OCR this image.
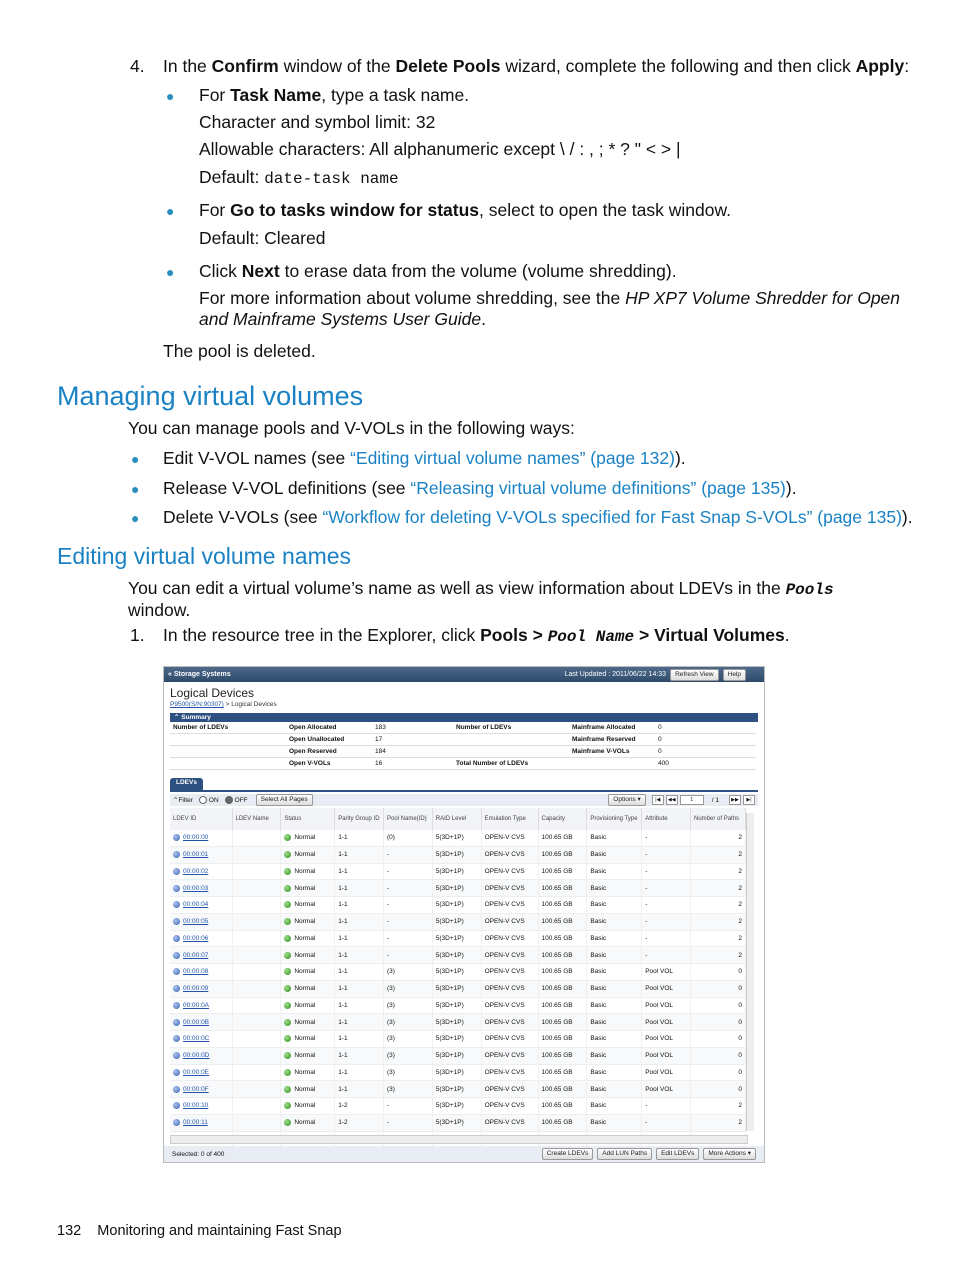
4. In the Confirm window of the Delete Pools wizard, complete the following and then click Apply:
● For Task Name, type a task name.
Character and symbol limit: 32
Allowable characters: All alphanumeric except \ / : , ; * ? " < > |
Default: date-task name
● For Go to tasks window for status, select to open the task window.
Default: Cleared
● Click Next to erase data from the volume (volume shredding).
For more information about volume shredding, see the HP XP7 Volume Shredder for Open
and Mainframe Systems User Guide.
The pool is deleted.
Managing virtual volumes
You can manage pools and V-VOLs in the following ways:
● Edit V-VOL names (see “Editing virtual volume names” (page 132)).
● Release V-VOL definitions (see “Releasing virtual volume definitions” (page 135)).
● Delete V-VOLs (see “Workflow for deleting V-VOLs specified for Fast Snap S-VOLs” (page 135)).
Editing virtual volume names
You can edit a virtual volume’s name as well as view information about LDEVs in the Pools
window.
1. In the resource tree in the Explorer, click Pools > Pool Name > Virtual Volumes.
« Storage Systems	Last Updated : 2011/06/22 14:33	Refresh View	Help
Logical Devices
P9500(S/N:90307) > Logical Devices
⌃ Summary
Number of LDEVs	Open Allocated	183	Number of LDEVs	Mainframe Allocated	0
	Open Unallocated	17		Mainframe Reserved	0
	Open Reserved	184		Mainframe V-VOLs	0
	Open V-VOLs	16	Total Number of LDEVs		400
LDEVs
⌃ Filter ON OFF	Select All Pages	Options ▾	|◀	◀◀	1	/ 1	▶▶	▶|
LDEV ID	LDEV Name	Status	Parity Group ID	Pool Name(ID)	RAID Level	Emulation Type	Capacity	Provisioning Type	Attribute	Number of Paths
00:00:00		Normal	1-1	(0)	5(3D+1P)	OPEN-V CVS	100.65 GB	Basic	-	2
00:00:01		Normal	1-1	-	5(3D+1P)	OPEN-V CVS	100.65 GB	Basic	-	2
00:00:02		Normal	1-1	-	5(3D+1P)	OPEN-V CVS	100.65 GB	Basic	-	2
00:00:03		Normal	1-1	-	5(3D+1P)	OPEN-V CVS	100.65 GB	Basic	-	2
00:00:04		Normal	1-1	-	5(3D+1P)	OPEN-V CVS	100.65 GB	Basic	-	2
00:00:05		Normal	1-1	-	5(3D+1P)	OPEN-V CVS	100.65 GB	Basic	-	2
00:00:06		Normal	1-1	-	5(3D+1P)	OPEN-V CVS	100.65 GB	Basic	-	2
00:00:07		Normal	1-1	-	5(3D+1P)	OPEN-V CVS	100.65 GB	Basic	-	2
00:00:08		Normal	1-1	(3)	5(3D+1P)	OPEN-V CVS	100.65 GB	Basic	Pool VOL	0
00:00:09		Normal	1-1	(3)	5(3D+1P)	OPEN-V CVS	100.65 GB	Basic	Pool VOL	0
00:00:0A		Normal	1-1	(3)	5(3D+1P)	OPEN-V CVS	100.65 GB	Basic	Pool VOL	0
00:00:0B		Normal	1-1	(3)	5(3D+1P)	OPEN-V CVS	100.65 GB	Basic	Pool VOL	0
00:00:0C		Normal	1-1	(3)	5(3D+1P)	OPEN-V CVS	100.65 GB	Basic	Pool VOL	0
00:00:0D		Normal	1-1	(3)	5(3D+1P)	OPEN-V CVS	100.65 GB	Basic	Pool VOL	0
00:00:0E		Normal	1-1	(3)	5(3D+1P)	OPEN-V CVS	100.65 GB	Basic	Pool VOL	0
00:00:0F		Normal	1-1	(3)	5(3D+1P)	OPEN-V CVS	100.65 GB	Basic	Pool VOL	0
00:00:10		Normal	1-2	-	5(3D+1P)	OPEN-V CVS	100.65 GB	Basic	-	2
00:00:11		Normal	1-2	-	5(3D+1P)	OPEN-V CVS	100.65 GB	Basic	-	2

Selected: 0 of 400	Create LDEVs	Add LUN Paths	Edit LDEVs	More Actions ▾
132    Monitoring and maintaining Fast Snap
